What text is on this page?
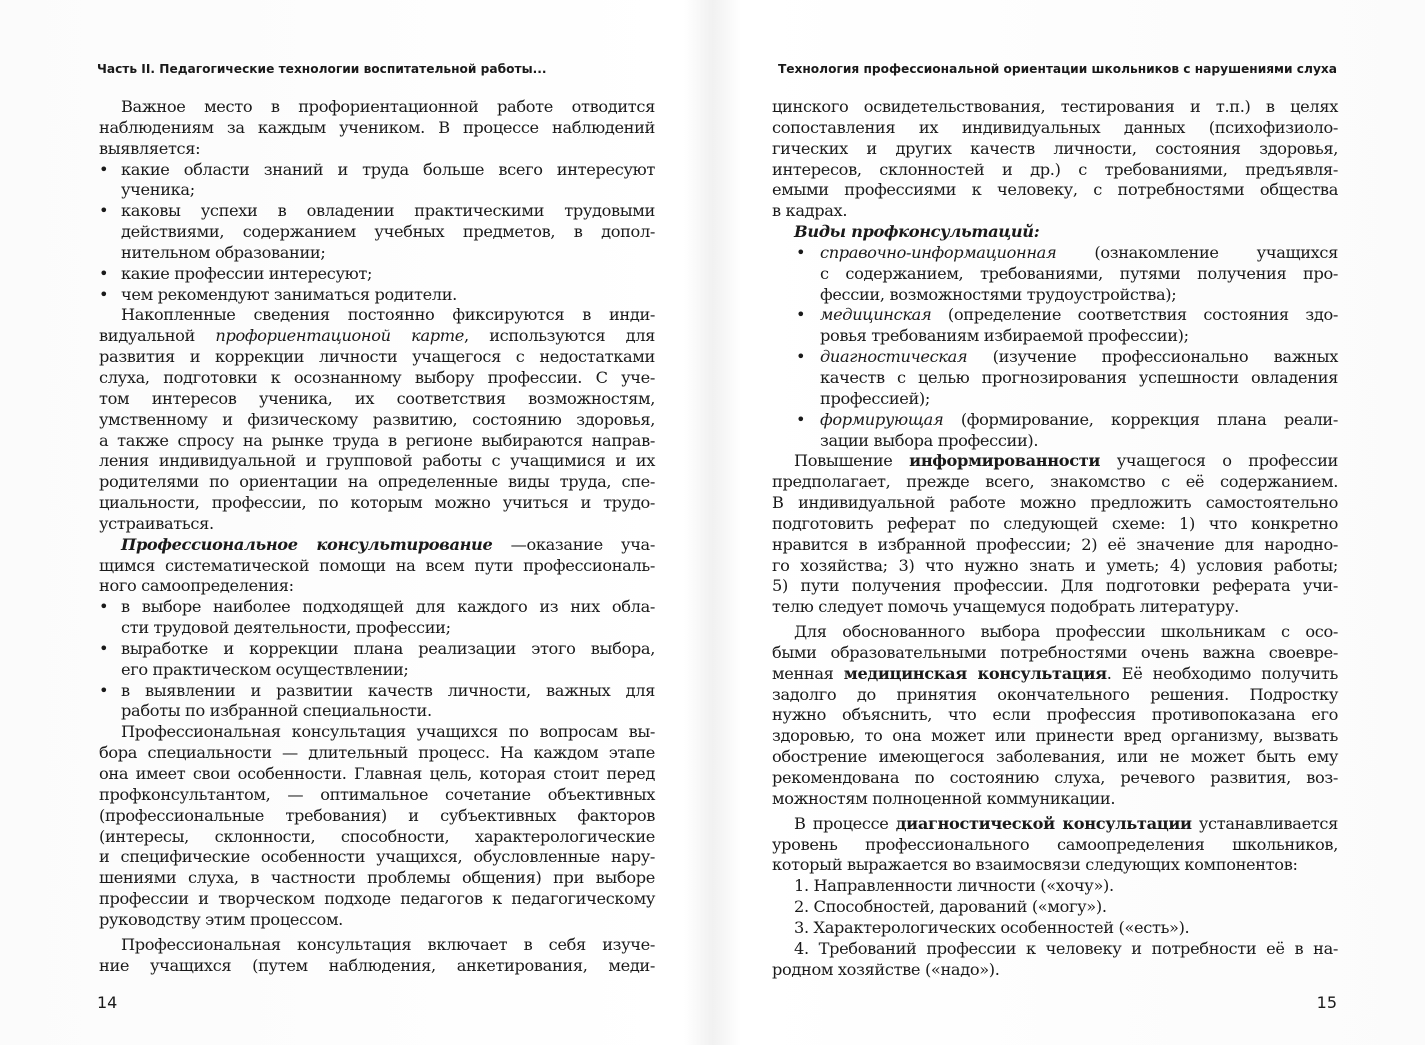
Часть II. Педагогические технологии воспитательной работы...
Важное место в профориентационной работе отводится
наблюдениям за каждым учеником. В процессе наблюдений
выявляется:
• какие области знаний и труда больше всего интересуют
ученика;
• каковы успехи в овладении практическими трудовыми
действиями, содержанием учебных предметов, в допол-
нительном образовании;
• какие профессии интересуют;
• чем рекомендуют заниматься родители.
Накопленные сведения постоянно фиксируются в инди-
видуальной профориентационой карте, используются для
развития и коррекции личности учащегося с недостатками
слуха, подготовки к осознанному выбору профессии. С уче-
том интересов ученика, их соответствия возможностям,
умственному и физическому развитию, состоянию здоровья,
а также спросу на рынке труда в регионе выбираются направ-
ления индивидуальной и групповой работы с учащимися и их
родителями по ориентации на определенные виды труда, спе-
циальности, профессии, по которым можно учиться и трудо-
устраиваться.
Профессиональное консультирование —оказание уча-
щимся систематической помощи на всем пути профессиональ-
ного самоопределения:
• в выборе наиболее подходящей для каждого из них обла-
сти трудовой деятельности, профессии;
• выработке и коррекции плана реализации этого выбора,
его практическом осуществлении;
• в выявлении и развитии качеств личности, важных для
работы по избранной специальности.
Профессиональная консультация учащихся по вопросам вы-
бора специальности — длительный процесс. На каждом этапе
она имеет свои особенности. Главная цель, которая стоит перед
профконсультантом, — оптимальное сочетание объективных
(профессиональные требования) и субъективных факторов
(интересы, склонности, способности, характерологические
и специфические особенности учащихся, обусловленные нару-
шениями слуха, в частности проблемы общения) при выборе
профессии и творческом подходе педагогов к педагогическому
руководству этим процессом.
Профессиональная консультация включает в себя изуче-
ние учащихся (путем наблюдения, анкетирования, меди-
14
Технология профессиональной ориентации школьников с нарушениями слуха
цинского освидетельствования, тестирования и т.п.) в целях
сопоставления их индивидуальных данных (психофизиоло-
гических и других качеств личности, состояния здоровья,
интересов, склонностей и др.) с требованиями, предъявля-
емыми профессиями к человеку, с потребностями общества
в кадрах.
Виды профконсультаций:
• справочно-информационная (ознакомление учащихся
с содержанием, требованиями, путями получения про-
фессии, возможностями трудоустройства);
• медицинская (определение соответствия состояния здо-
ровья требованиям избираемой профессии);
• диагностическая (изучение профессионально важных
качеств с целью прогнозирования успешности овладения
профессией);
• формирующая (формирование, коррекция плана реали-
зации выбора профессии).
Повышение информированности учащегося о профессии
предполагает, прежде всего, знакомство с её содержанием.
В индивидуальной работе можно предложить самостоятельно
подготовить реферат по следующей схеме: 1) что конкретно
нравится в избранной профессии; 2) её значение для народно-
го хозяйства; 3) что нужно знать и уметь; 4) условия работы;
5) пути получения профессии. Для подготовки реферата учи-
телю следует помочь учащемуся подобрать литературу.
Для обоснованного выбора профессии школьникам с осо-
быми образовательными потребностями очень важна своевре-
менная медицинская консультация. Её необходимо получить
задолго до принятия окончательного решения. Подростку
нужно объяснить, что если профессия противопоказана его
здоровью, то она может или принести вред организму, вызвать
обострение имеющегося заболевания, или не может быть ему
рекомендована по состоянию слуха, речевого развития, воз-
можностям полноценной коммуникации.
В процессе диагностической консультации устанавливается
уровень профессионального самоопределения школьников,
который выражается во взаимосвязи следующих компонентов:
1. Направленности личности («хочу»).
2. Способностей, дарований («могу»).
3. Характерологических особенностей («есть»).
4. Требований профессии к человеку и потребности её в на-
родном хозяйстве («надо»).
15
